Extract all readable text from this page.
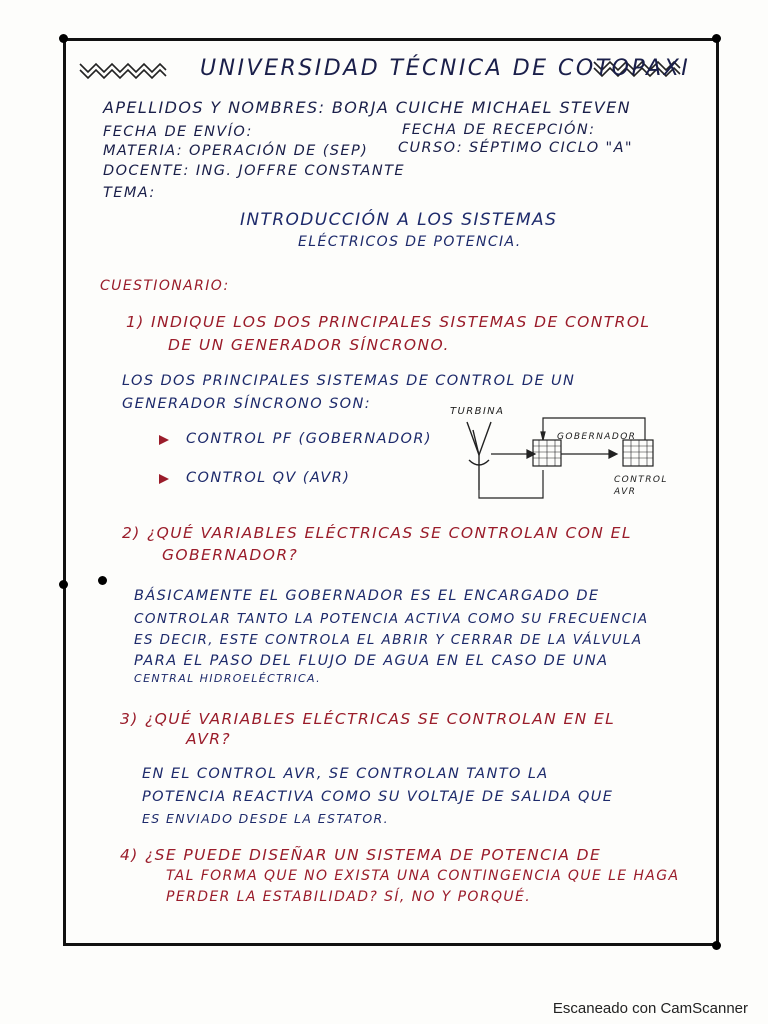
UNIVERSIDAD TÉCNICA DE COTOPAXI
APELLIDOS Y NOMBRES: BORJA CUICHE MICHAEL STEVEN
FECHA DE ENVÍO:	FECHA DE RECEPCIÓN:
MATERIA: OPERACIÓN DE (SEP) CURSO: SÉPTIMO CICLO "A"
DOCENTE: ING. JOFFRE CONSTANTE
TEMA:
INTRODUCCIÓN A LOS SISTEMAS
ELÉCTRICOS DE POTENCIA.
CUESTIONARIO:
1) INDIQUE LOS DOS PRINCIPALES SISTEMAS DE CONTROL
DE UN GENERADOR SÍNCRONO.
LOS DOS PRINCIPALES SISTEMAS DE CONTROL DE UN
GENERADOR SÍNCRONO SON:
CONTROL PF (GOBERNADOR)
CONTROL QV (AVR)
TURBINA
GOBERNADOR
CONTROL AVR
2) ¿QUÉ VARIABLES ELÉCTRICAS SE CONTROLAN CON EL
GOBERNADOR?
BÁSICAMENTE EL GOBERNADOR ES EL ENCARGADO DE
CONTROLAR TANTO LA POTENCIA ACTIVA COMO SU FRECUENCIA
ES DECIR, ESTE CONTROLA EL ABRIR Y CERRAR DE LA VÁLVULA
PARA EL PASO DEL FLUJO DE AGUA EN EL CASO DE UNA
CENTRAL HIDROELÉCTRICA.
3) ¿QUÉ VARIABLES ELÉCTRICAS SE CONTROLAN EN EL
AVR?
EN EL CONTROL AVR, SE CONTROLAN TANTO LA
POTENCIA REACTIVA COMO SU VOLTAJE DE SALIDA QUE
ES ENVIADO DESDE LA ESTATOR.
4) ¿SE PUEDE DISEÑAR UN SISTEMA DE POTENCIA DE
TAL FORMA QUE NO EXISTA UNA CONTINGENCIA QUE LE HAGA
PERDER LA ESTABILIDAD? SÍ, NO Y PORQUÉ.
Escaneado con CamScanner
